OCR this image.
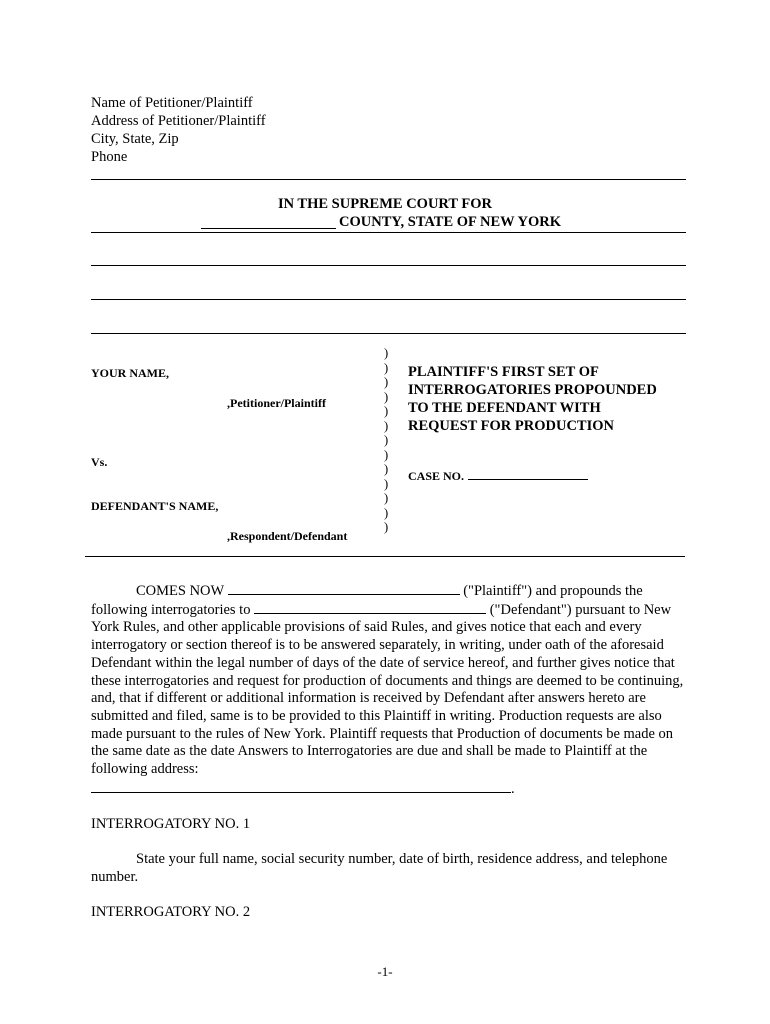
Name of Petitioner/Plaintiff
Address of Petitioner/Plaintiff
City, State, Zip
Phone
IN THE SUPREME COURT FOR
COUNTY, STATE OF NEW YORK
YOUR NAME,
,Petitioner/Plaintiff
Vs.
DEFENDANT'S NAME,
,Respondent/Defendant
)
)
)
)
)
)
)
)
)
)
)
)
)
PLAINTIFF'S FIRST SET OF
INTERROGATORIES PROPOUNDED
TO THE DEFENDANT WITH
REQUEST FOR PRODUCTION
CASE NO.
COMES NOW	("Plaintiff") and propounds the
following interrogatories to	("Defendant") pursuant to New York Rules, and other applicable provisions of said Rules, and gives notice that each and every interrogatory or section thereof is to be answered separately, in writing, under oath of the aforesaid Defendant within the legal number of days of the date of service hereof, and further gives notice that these interrogatories and request for production of documents and things are deemed to be continuing, and, that if different or additional information is received by Defendant after answers hereto are submitted and filed, same is to be provided to this Plaintiff in writing. Production requests are also made pursuant to the rules of New York. Plaintiff requests that Production of documents be made on the same date as the date Answers to Interrogatories are due and shall be made to Plaintiff at the following address:
.
INTERROGATORY NO. 1
State your full name, social security number, date of birth, residence address, and telephone number.
INTERROGATORY NO. 2
-1-
